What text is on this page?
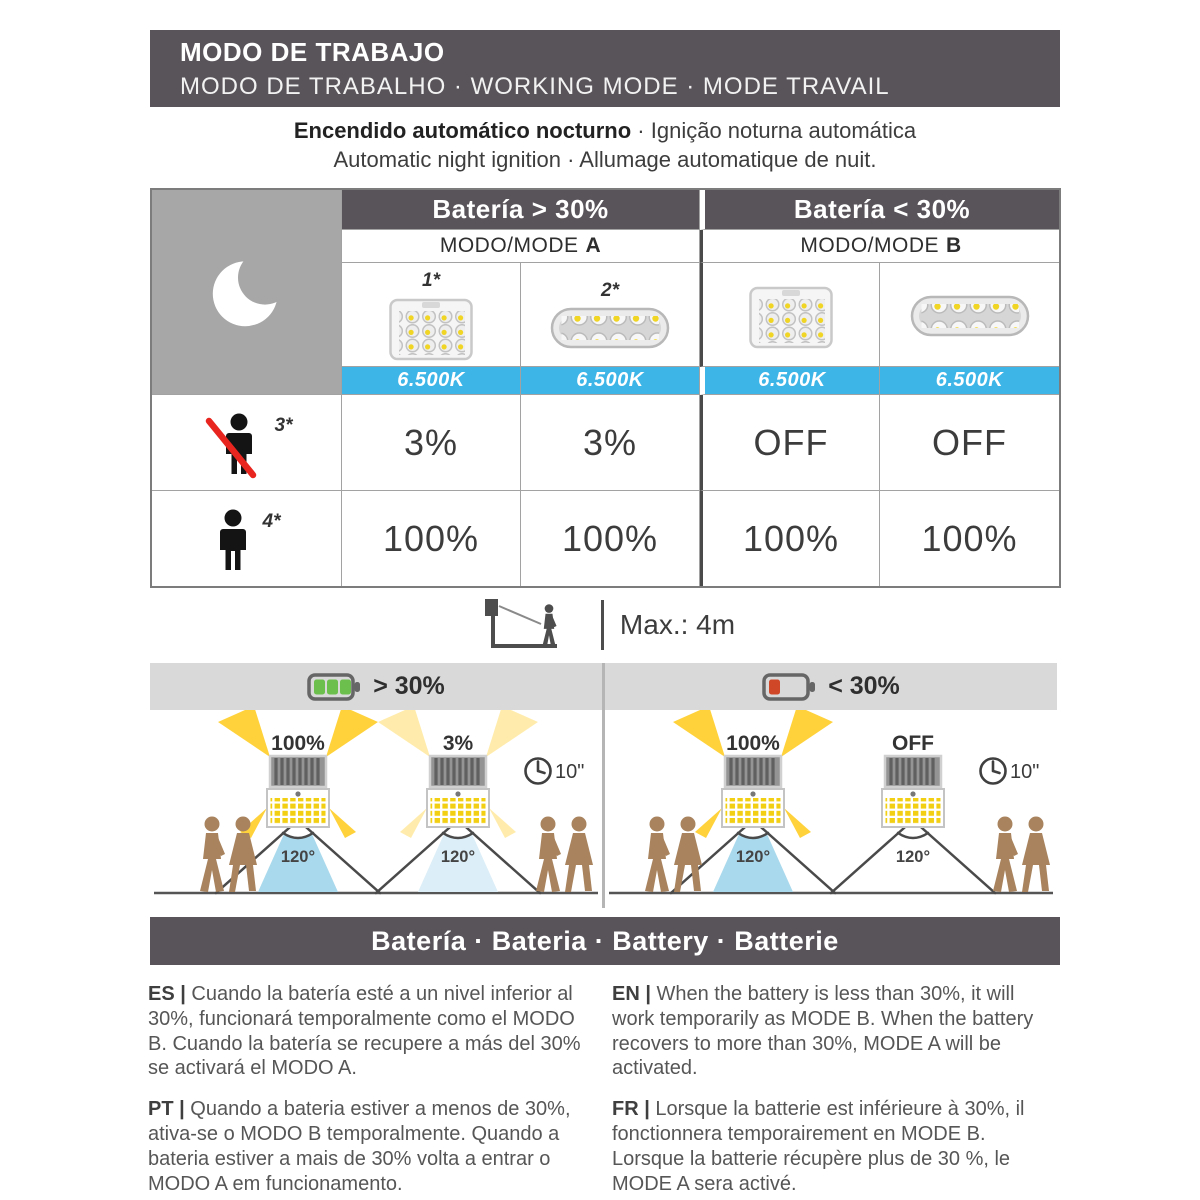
MODO DE TRABAJO
MODO DE TRABALHO · WORKING MODE · MODE TRAVAIL
Encendido automático nocturno · Ignição noturna automática
Automatic night ignition · Allumage automatique de nuit.
Batería > 30%	Batería < 30%
MODO/MODE A	MODO/MODE B
1*	2*
6.500K	6.500K	6.500K	6.500K
3*	3%	3%	OFF	OFF
4*	100%	100%	100%	100%
Max.: 4m
> 30%
100%
120°
3%
120°
10"
< 30%
100%
120°
OFF
120°
10"
Batería · Bateria · Battery · Batterie
ES | Cuando la batería esté a un nivel inferior al 30%, funcionará temporalmente como el MODO B. Cuando la batería se recupere a más del 30% se activará el MODO A.
EN | When the battery is less than 30%, it will work temporarily as MODE B. When the battery recovers to more than 30%, MODE A will be activated.
PT | Quando a bateria estiver a menos de 30%, ativa-se o MODO B temporalmente. Quando a bateria estiver a mais de 30% volta a entrar o MODO A em funcionamento.
FR | Lorsque la batterie est inférieure à 30%, il fonctionnera temporairement en MODE B. Lorsque la batterie récupère plus de 30 %, le MODE A sera activé.
